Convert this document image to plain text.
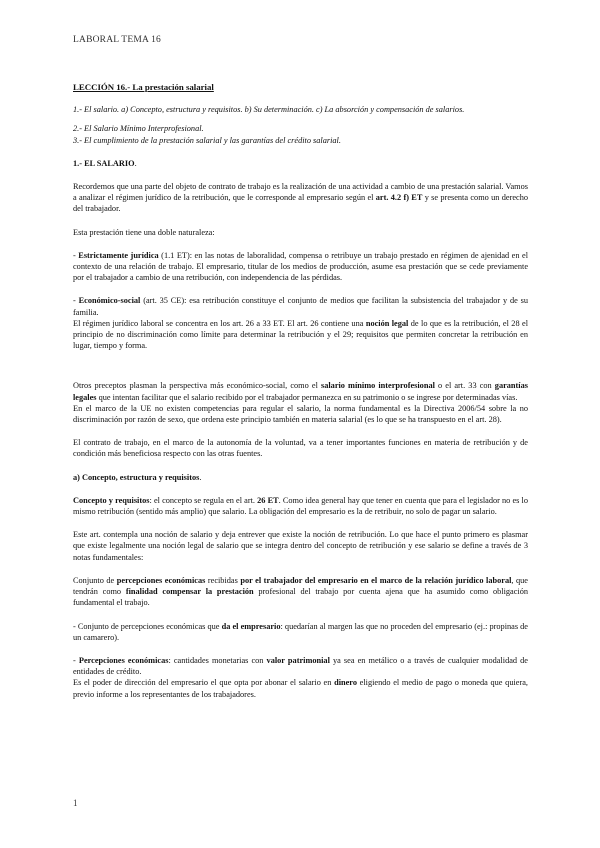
LABORAL TEMA 16

LECCIÓN 16.- La prestación salarial

1.- El salario. a) Concepto, estructura y requisitos. b) Su determinación. c) La absorción y compensación de salarios.

2.- El Salario Mínimo Interprofesional.

3.- El cumplimiento de la prestación salarial y las garantías del crédito salarial.

1.- EL SALARIO.

Recordemos que una parte del objeto de contrato de trabajo es la realización de una actividad a cambio de una prestación salarial. Vamos a analizar el régimen jurídico de la retribución, que le corresponde al empresario según el art. 4.2 f) ET y se presenta como un derecho del trabajador.

Esta prestación tiene una doble naturaleza:

- Estrictamente jurídica (1.1 ET): en las notas de laboralidad, compensa o retribuye un trabajo prestado en régimen de ajenidad en el contexto de una relación de trabajo. El empresario, titular de los medios de producción, asume esa prestación que se cede previamente por el trabajador a cambio de una retribución, con independencia de las pérdidas.

- Económico-social (art. 35 CE): esa retribución constituye el conjunto de medios que facilitan la subsistencia del trabajador y de su familia.

El régimen jurídico laboral se concentra en los art. 26 a 33 ET. El art. 26 contiene una noción legal de lo que es la retribución, el 28 el principio de no discriminación como límite para determinar la retribución y el 29; requisitos que permiten concretar la retribución en lugar, tiempo y forma.

Otros preceptos plasman la perspectiva más económico-social, como el salario mínimo interprofesional o el art. 33 con garantías legales que intentan facilitar que el salario recibido por el trabajador permanezca en su patrimonio o se ingrese por determinadas vías.

En el marco de la UE no existen competencias para regular el salario, la norma fundamental es la Directiva 2006/54 sobre la no discriminación por razón de sexo, que ordena este principio también en materia salarial (es lo que se ha transpuesto en el art. 28).

El contrato de trabajo, en el marco de la autonomía de la voluntad, va a tener importantes funciones en materia de retribución y de condición más beneficiosa respecto con las otras fuentes.

a) Concepto, estructura y requisitos.

Concepto y requisitos: el concepto se regula en el art. 26 ET. Como idea general hay que tener en cuenta que para el legislador no es lo mismo retribución (sentido más amplio) que salario. La obligación del empresario es la de retribuir, no solo de pagar un salario.

Este art. contempla una noción de salario y deja entrever que existe la noción de retribución. Lo que hace el punto primero es plasmar que existe legalmente una noción legal de salario que se integra dentro del concepto de retribución y ese salario se define a través de 3 notas fundamentales:

Conjunto de percepciones económicas recibidas por el trabajador del empresario en el marco de la relación jurídico laboral, que tendrán como finalidad compensar la prestación profesional del trabajo por cuenta ajena que ha asumido como obligación fundamental el trabajo.

- Conjunto de percepciones económicas que da el empresario: quedarían al margen las que no proceden del empresario (ej.: propinas de un camarero).

- Percepciones económicas: cantidades monetarias con valor patrimonial ya sea en metálico o a través de cualquier modalidad de entidades de crédito.

Es el poder de dirección del empresario el que opta por abonar el salario en dinero eligiendo el medio de pago o moneda que quiera, previo informe a los representantes de los trabajadores.

1
